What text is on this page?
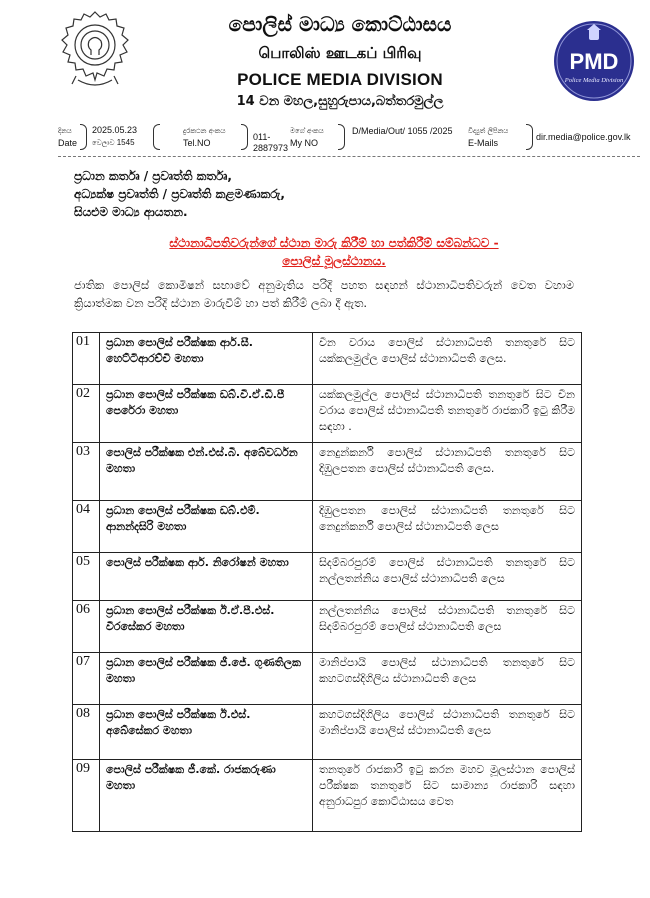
පොලිස් මාධ්‍ය කොට්ඨාසය
பொலிஸ் ஊடகப் பிரிவு
POLICE MEDIA DIVISION
14 වන මහල,සුහුරුපාය,බත්තරමුල්ල
PMD
Police Media Division
දිනය
Date
2025.05.23
වෙලාව 1545
දුරකථන අංකය
Tel.NO
011-2887973
මගේ අංකය
My NO
D/Media/Out/ 1055 /2025 විද්‍යුත් ලිපිනය
E-Mails
dir.media@police.gov.lk
ප්‍රධාන කර්තෘ / ප්‍රවෘත්ති කර්තෘ,
අධ්‍යක්ෂ ප්‍රවෘත්ති / ප්‍රවෘත්ති කළමණාකරු,
සියළුම මාධ්‍ය ආයතන.
ස්ථානාධිපතිවරුන්ගේ ස්ථාන මාරු කිරීම් හා පත්කිරීම් සම්බන්ධව -
පොලිස් මූලස්ථානය.
ජාතික පොලිස් කොමිෂන් සභාවේ අනුමැතිය පරිදි පහත සඳහන් ස්ථානාධිපතිවරුන් වෙත වහාම ක්‍රියාත්මක වන පරිදි ස්ථාන මාරුවීම් හා පත් කිරීම් ලබා දී ඇත.
01	ප්‍රධාන පොලිස් පරීක්ෂක ආර්.සී. හෙට්ටිආරච්චි මහතා	වීන වරාය පොලිස් ස්ථානාධිපති තනතුරේ සිට යක්කලමුල්ල පොලිස් ස්ථානාධිපති ලෙස.
02	ප්‍රධාන පොලිස් පරීක්ෂක ඩබ්.වී.ඒ.ඩී.පී පෙරේරා මහතා	යක්කලමුල්ල පොලිස් ස්ථානාධිපති තනතුරේ සිට චීන වරාය පොලිස් ස්ථානාධිපති තනතුරේ රාජකාරි ඉටු කිරීම සඳහා .
03	පොලිස් පරීක්ෂක එන්.එස්.බී. අබේවර්ධන මහතා	නෙදුන්කර්නි පොලිස් ස්ථානාධිපති තනතුරේ සිට දිඹුලපතන පොලිස් ස්ථානාධිපති ලෙස.
04	ප්‍රධාන පොලිස් පරීක්ෂක ඩබ්.එම්. ආනන්දසිරි මහතා	දිඹුලපතන පොලිස් ස්ථානාධිපති තනතුරේ සිට නෙදුන්කර්නි පොලිස් ස්ථානාධිපති ලෙස
05	පොලිස් පරීක්ෂක ආර්. නිරෝෂන් මහතා	සිදම්බරපුරම් පොලිස් ස්ථානාධිපති තනතුරේ සිට නල්ලතන්නිය පොලිස් ස්ථානාධිපති ලෙස
06	ප්‍රධාන පොලිස් පරීක්ෂක ඊ.ඒ.පී.එස්. වීරසේකර මහතා	නල්ලතන්නිය පොලිස් ස්ථානාධිපති තනතුරේ සිට සිදම්බරපුරම් පොලිස් ස්ථානාධිපති ලෙස
07	ප්‍රධාන පොලිස් පරීක්ෂක ජී.ජේ. ගුණතිලක මහතා	මානිප්පායි පොලිස් ස්ථානාධිපති තනතුරේ සිට කහටගස්දිගිලිය ස්ථානාධිපති ලෙස
08	ප්‍රධාන පොලිස් පරීක්ෂක ඊ.එස්. අබේසේකර මහතා	කහටගස්දිගිලිය පොලිස් ස්ථානාධිපති තනතුරේ සිට මානිප්පායි පොලිස් ස්ථානාධිපති ලෙස
09	පොලිස් පරීක්ෂක ජී.කේ. රාජකරුණා මහතා	තනතුරේ රාජකාරි ඉටු කරන මහව මූලස්ථාන පොලිස් පරීක්ෂක තනතුරේ සිට සාමාන්‍ය රාජකාරි සඳහා අනුරාධපුර කොට්ඨාසය වෙත
